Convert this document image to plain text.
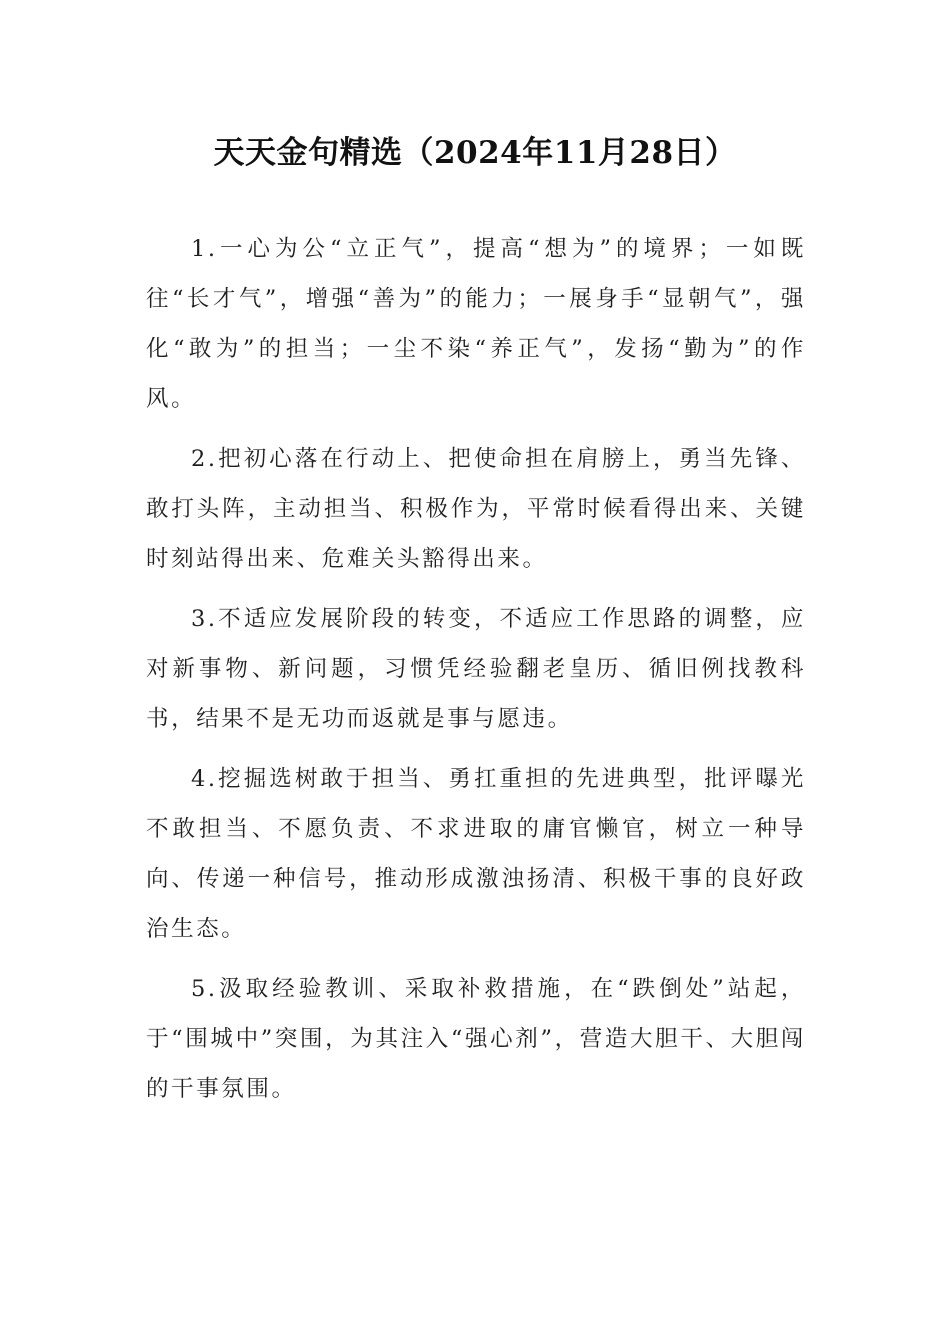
天天金句精选（2024年11月28日）

1.一心为公“立正气”，提高“想为”的境界；一如既往“长才气”，增强“善为”的能力；一展身手“显朝气”，强化“敢为”的担当；一尘不染“养正气”，发扬“勤为”的作风。

2.把初心落在行动上、把使命担在肩膀上，勇当先锋、敢打头阵，主动担当、积极作为，平常时候看得出来、关键时刻站得出来、危难关头豁得出来。

3.不适应发展阶段的转变，不适应工作思路的调整，应对新事物、新问题，习惯凭经验翻老皇历、循旧例找教科书，结果不是无功而返就是事与愿违。

4.挖掘选树敢于担当、勇扛重担的先进典型，批评曝光不敢担当、不愿负责、不求进取的庸官懒官，树立一种导向、传递一种信号，推动形成激浊扬清、积极干事的良好政治生态。

5.汲取经验教训、采取补救措施，在“跌倒处”站起，于“围城中”突围，为其注入“强心剂”，营造大胆干、大胆闯的干事氛围。
